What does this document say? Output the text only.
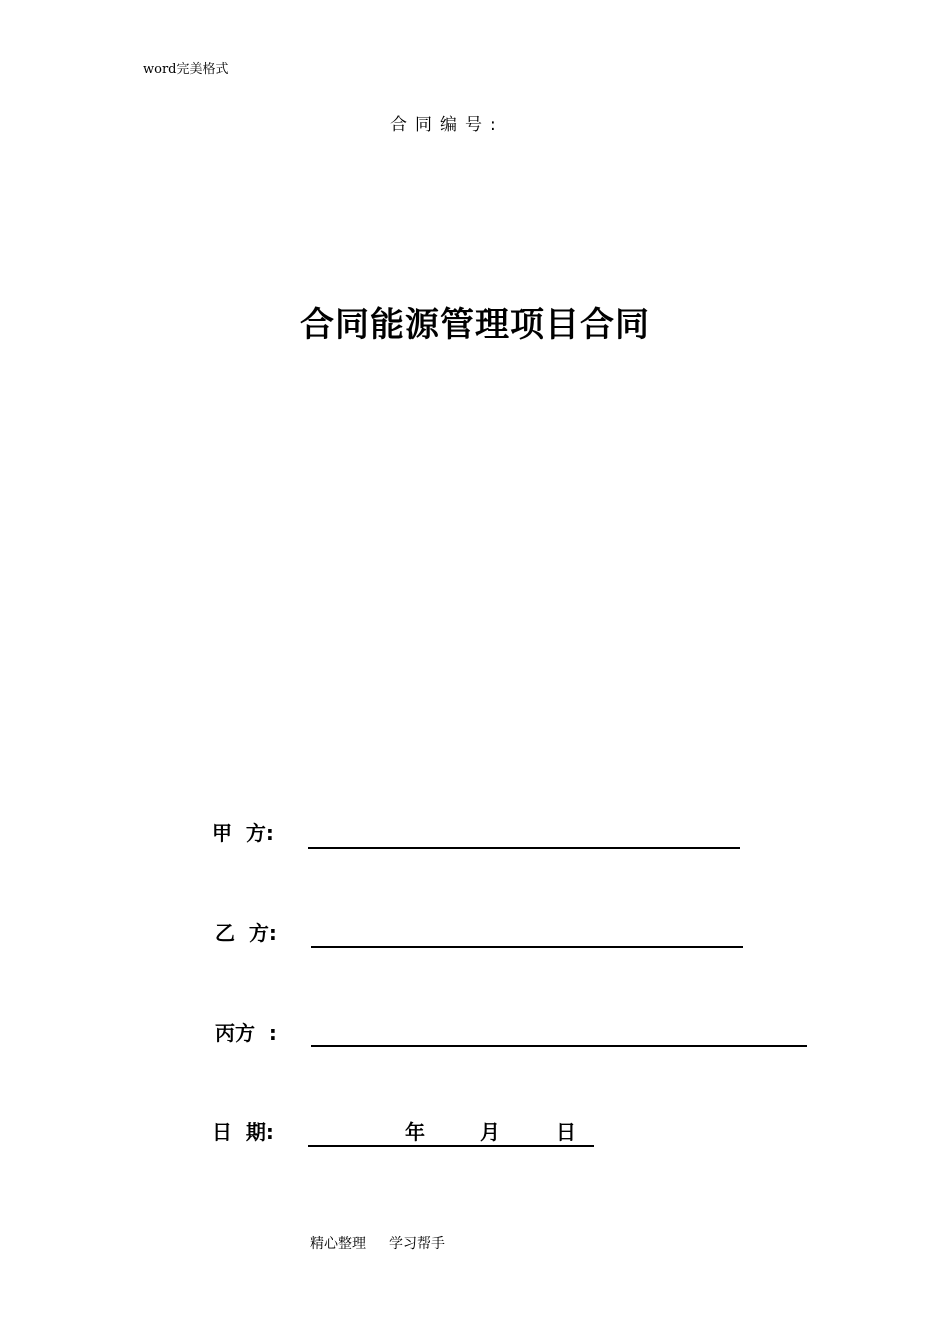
word完美格式
合同编号:
合同能源管理项目合同
甲  方:
乙  方:
丙方  :
日  期:	年	月	日
精心整理 学习帮手
